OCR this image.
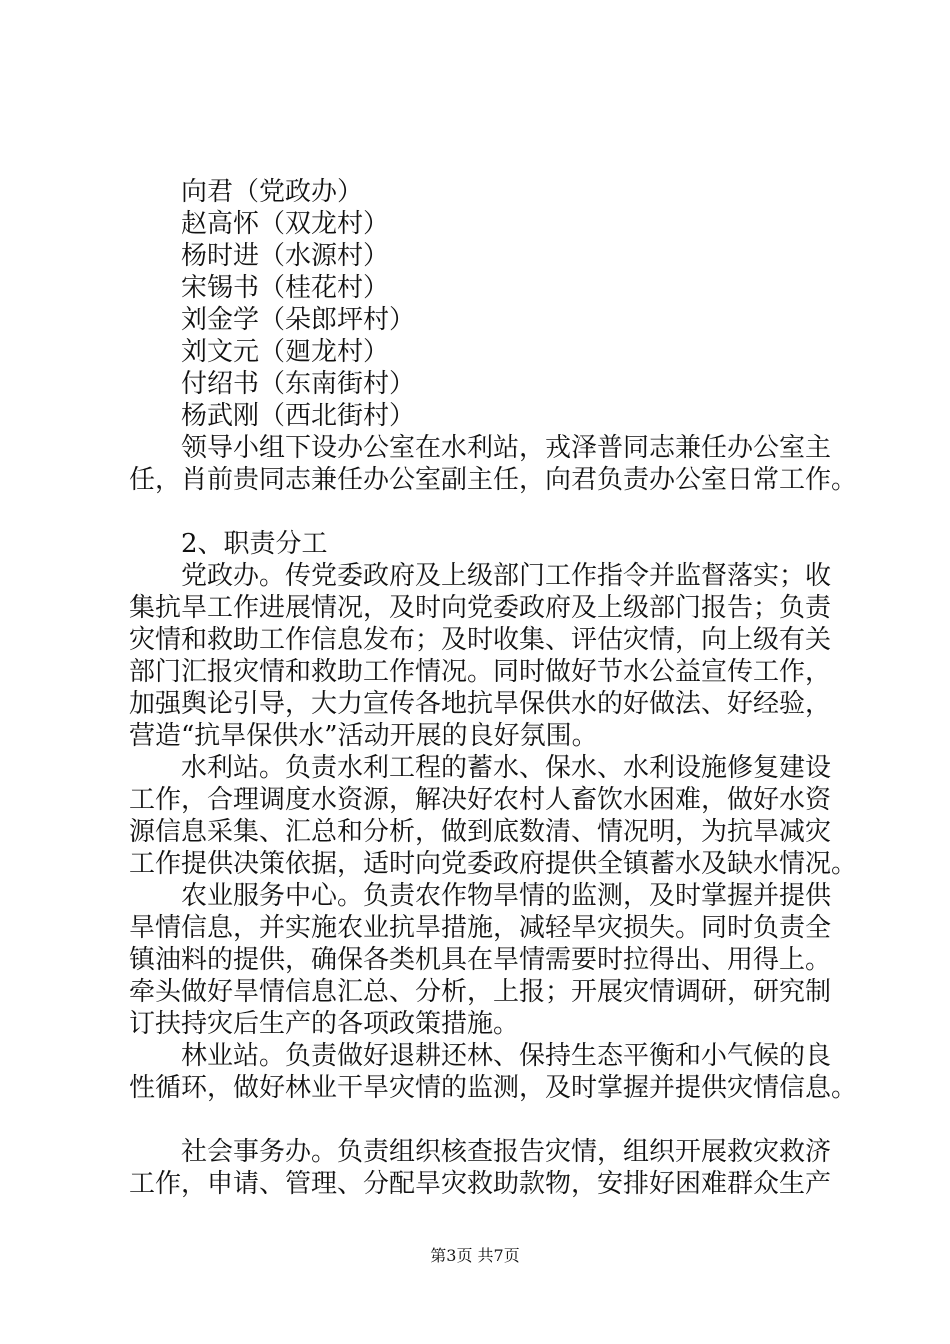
向君（党政办）
赵高怀（双龙村）
杨时进（水源村）
宋锡书（桂花村）
刘金学（朵郎坪村）
刘文元（廻龙村）
付绍书（东南街村）
杨武刚（西北街村）
领导小组下设办公室在水利站，戎泽普同志兼任办公室主
任，肖前贵同志兼任办公室副主任，向君负责办公室日常工作。
2、职责分工
党政办。传党委政府及上级部门工作指令并监督落实；收
集抗旱工作进展情况，及时向党委政府及上级部门报告；负责
灾情和救助工作信息发布；及时收集、评估灾情，向上级有关
部门汇报灾情和救助工作情况。同时做好节水公益宣传工作，
加强舆论引导，大力宣传各地抗旱保供水的好做法、好经验，
营造“抗旱保供水”活动开展的良好氛围。
水利站。负责水利工程的蓄水、保水、水利设施修复建设
工作，合理调度水资源，解决好农村人畜饮水困难，做好水资
源信息采集、汇总和分析，做到底数清、情况明，为抗旱减灾
工作提供决策依据，适时向党委政府提供全镇蓄水及缺水情况。
农业服务中心。负责农作物旱情的监测，及时掌握并提供
旱情信息，并实施农业抗旱措施，减轻旱灾损失。同时负责全
镇油料的提供，确保各类机具在旱情需要时拉得出、用得上。
牵头做好旱情信息汇总、分析，上报；开展灾情调研，研究制
订扶持灾后生产的各项政策措施。
林业站。负责做好退耕还林、保持生态平衡和小气候的良
性循环，做好林业干旱灾情的监测，及时掌握并提供灾情信息。
社会事务办。负责组织核查报告灾情，组织开展救灾救济
工作，申请、管理、分配旱灾救助款物，安排好困难群众生产
第3页 共7页
